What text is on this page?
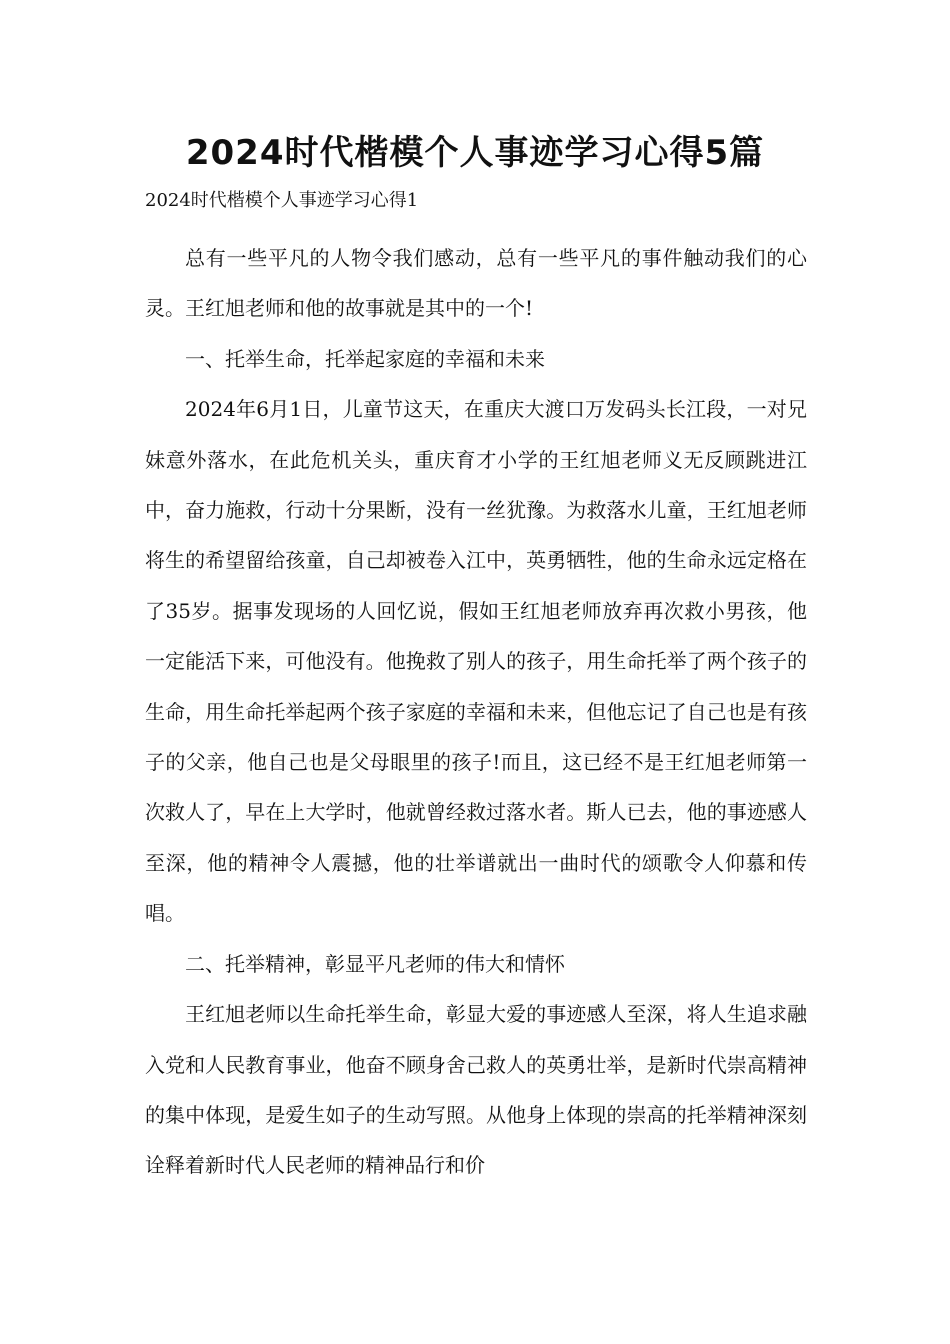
2024时代楷模个人事迹学习心得5篇

2024时代楷模个人事迹学习心得1

总有一些平凡的人物令我们感动，总有一些平凡的事件触动我们的心灵。王红旭老师和他的故事就是其中的一个!

一、托举生命，托举起家庭的幸福和未来

2024年6月1日，儿童节这天，在重庆大渡口万发码头长江段，一对兄妹意外落水，在此危机关头，重庆育才小学的王红旭老师义无反顾跳进江中，奋力施救，行动十分果断，没有一丝犹豫。为救落水儿童，王红旭老师将生的希望留给孩童，自己却被卷入江中，英勇牺牲，他的生命永远定格在了35岁。据事发现场的人回忆说，假如王红旭老师放弃再次救小男孩，他一定能活下来，可他没有。他挽救了别人的孩子，用生命托举了两个孩子的生命，用生命托举起两个孩子家庭的幸福和未来，但他忘记了自己也是有孩子的父亲，他自己也是父母眼里的孩子!而且，这已经不是王红旭老师第一次救人了，早在上大学时，他就曾经救过落水者。斯人已去，他的事迹感人至深，他的精神令人震撼，他的壮举谱就出一曲时代的颂歌令人仰慕和传唱。

二、托举精神，彰显平凡老师的伟大和情怀

王红旭老师以生命托举生命，彰显大爱的事迹感人至深，将人生追求融入党和人民教育事业，他奋不顾身舍己救人的英勇壮举，是新时代崇高精神的集中体现，是爱生如子的生动写照。从他身上体现的崇高的托举精神深刻诠释着新时代人民老师的精神品行和价
